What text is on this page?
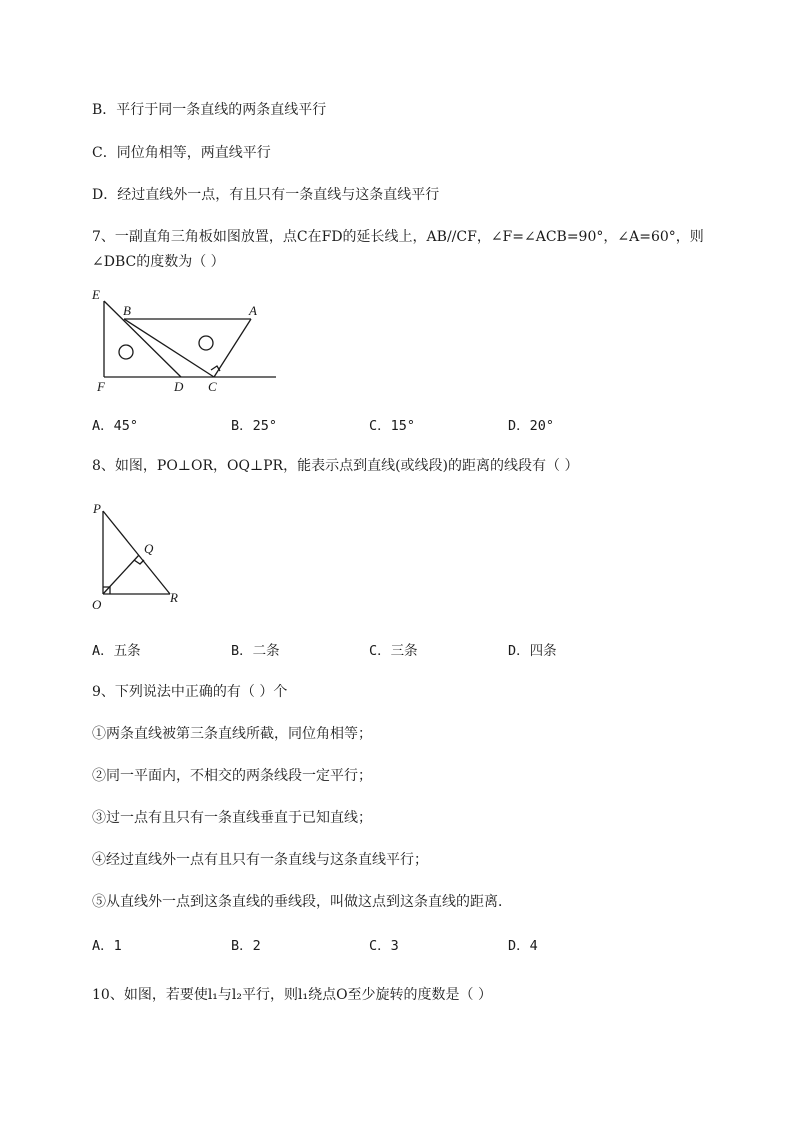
B．平行于同一条直线的两条直线平行
C．同位角相等，两直线平行
D．经过直线外一点，有且只有一条直线与这条直线平行
7、一副直角三角板如图放置，点C在FD的延长线上，AB//CF，∠F=∠ACB=90°，∠A=60°，则
∠DBC的度数为（ ）
E
B	A
F	D C
A．45°	B．25°	C．15°	D．20°
8、如图，PO⊥OR，OQ⊥PR，能表示点到直线(或线段)的距离的线段有（ ）
P
Q
O	R
A．五条	B．二条	C．三条	D．四条
9、下列说法中正确的有（ ）个
①两条直线被第三条直线所截，同位角相等；
②同一平面内，不相交的两条线段一定平行；
③过一点有且只有一条直线垂直于已知直线；
④经过直线外一点有且只有一条直线与这条直线平行；
⑤从直线外一点到这条直线的垂线段，叫做这点到这条直线的距离．
A．1	B．2	C．3	D．4
10、如图，若要使l₁与l₂平行，则l₁绕点O至少旋转的度数是（ ）
